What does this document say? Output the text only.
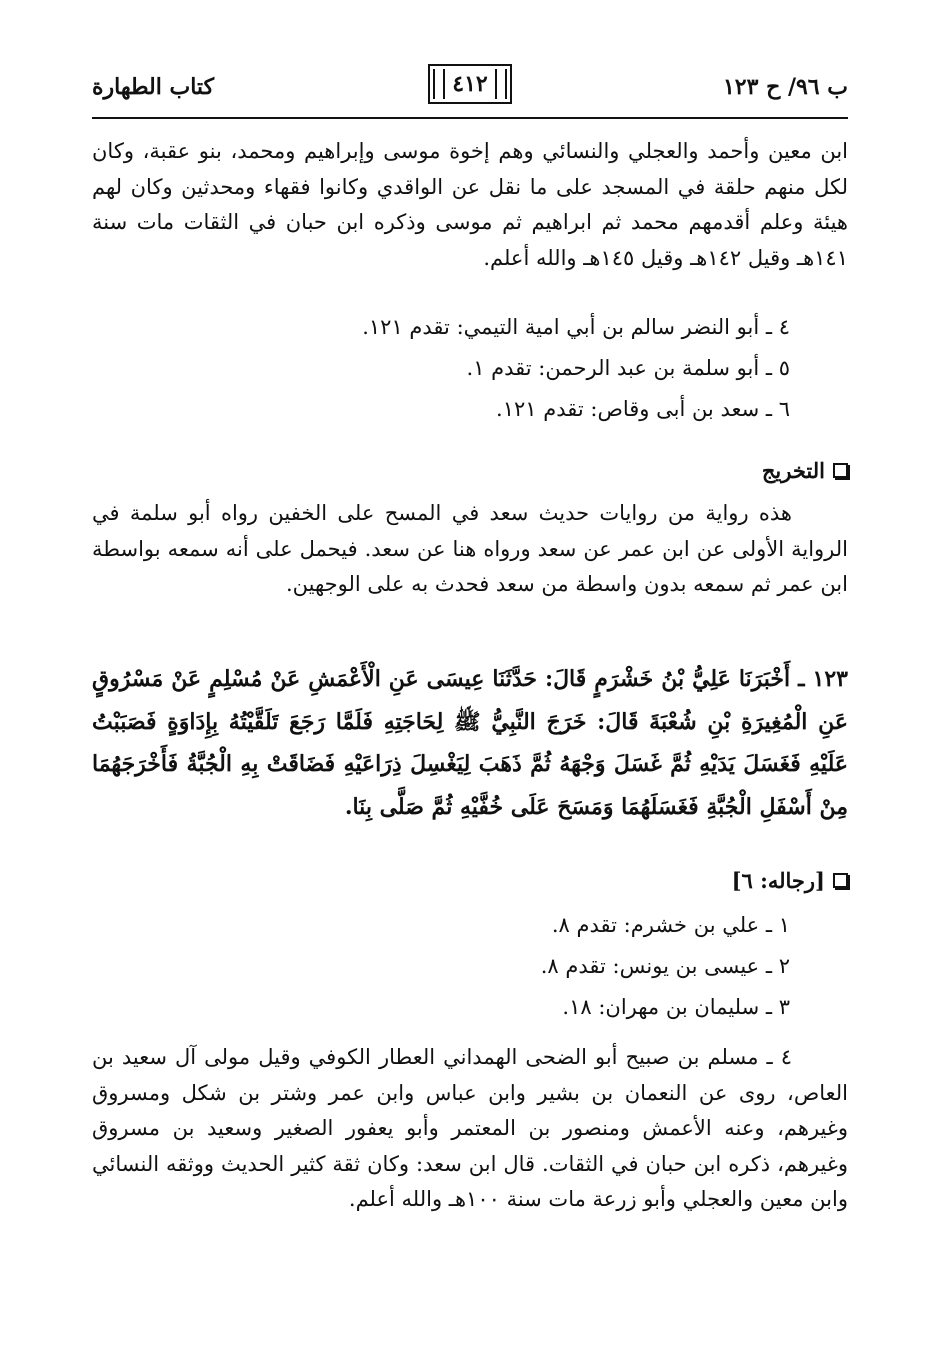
كتاب الطهارة	٤١٢	ب ٩٦/ ح ١٢٣
ابن معين وأحمد والعجلي والنسائي وهم إخوة موسى وإبراهيم ومحمد، بنو عقبة، وكان لكل منهم حلقة في المسجد على ما نقل عن الواقدي وكانوا فقهاء ومحدثين وكان لهم هيئة وعلم أقدمهم محمد ثم ابراهيم ثم موسى وذكره ابن حبان في الثقات مات سنة ١٤١هـ وقيل ١٤٢هـ وقيل ١٤٥هـ والله أعلم.
٤ ـ أبو النضر سالم بن أبي امية التيمي: تقدم ١٢١.
٥ ـ أبو سلمة بن عبد الرحمن: تقدم ١.
٦ ـ سعد بن أبى وقاص: تقدم ١٢١.
التخريج
هذه رواية من روايات حديث سعد في المسح على الخفين رواه أبو سلمة في الرواية الأولى عن ابن عمر عن سعد ورواه هنا عن سعد. فيحمل على أنه سمعه بواسطة ابن عمر ثم سمعه بدون واسطة من سعد فحدث به على الوجهين.
١٢٣ ـ أَخْبَرَنَا عَلِيُّ بْنُ خَشْرَمٍ قَالَ: حَدَّثَنَا عِيسَى عَنِ الْأَعْمَشِ عَنْ مُسْلِمٍ عَنْ مَسْرُوقٍ عَنِ الْمُغِيرَةِ بْنِ شُعْبَةَ قَالَ: خَرَجَ النَّبِيُّ ﷺ لِحَاجَتِهِ فَلَمَّا رَجَعَ تَلَقَّيْتُهُ بِإِدَاوَةٍ فَصَبَبْتُ عَلَيْهِ فَغَسَلَ يَدَيْهِ ثُمَّ غَسَلَ وَجْهَهُ ثُمَّ ذَهَبَ لِيَغْسِلَ ذِرَاعَيْهِ فَضَاقَتْ بِهِ الْجُبَّةُ فَأَخْرَجَهُمَا مِنْ أَسْفَلِ الْجُبَّةِ فَغَسَلَهُمَا وَمَسَحَ عَلَى خُفَّيْهِ ثُمَّ صَلَّى بِنَا.
[رجاله: ٦]
١ ـ علي بن خشرم: تقدم ٨.
٢ ـ عيسى بن يونس: تقدم ٨.
٣ ـ سليمان بن مهران: ١٨.
٤ ـ مسلم بن صبيح أبو الضحى الهمداني العطار الكوفي وقيل مولى آل سعيد بن العاص، روى عن النعمان بن بشير وابن عباس وابن عمر وشتر بن شكل ومسروق وغيرهم، وعنه الأعمش ومنصور بن المعتمر وأبو يعفور الصغير وسعيد بن مسروق وغيرهم، ذكره ابن حبان في الثقات. قال ابن سعد: وكان ثقة كثير الحديث ووثقه النسائي وابن معين والعجلي وأبو زرعة مات سنة ١٠٠هـ والله أعلم.
